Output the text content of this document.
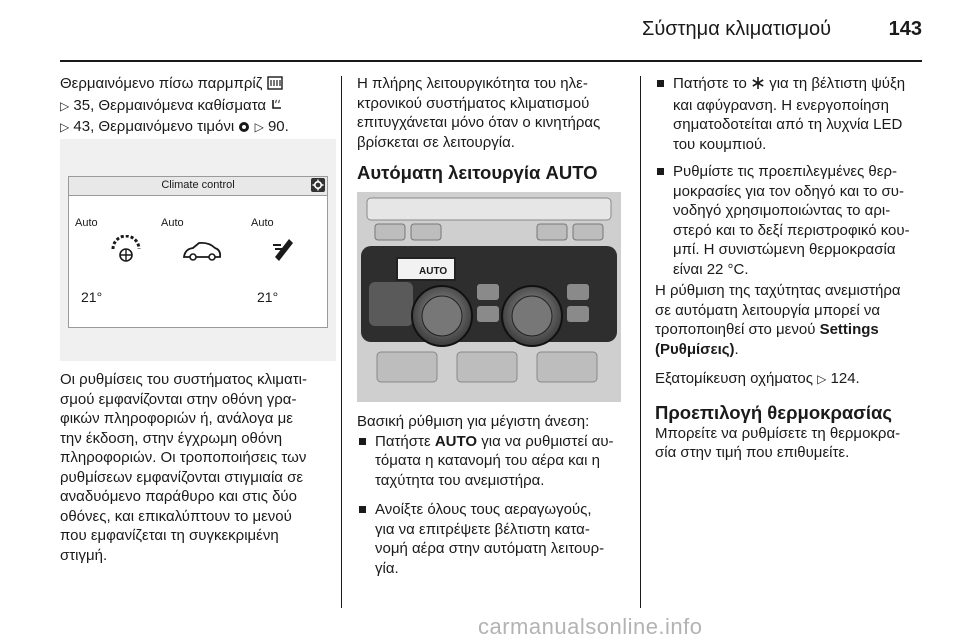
Σύστημα κλιματισμού	143

Θερμαινόμενο πίσω παρμπρίζ

▷ 35, Θερμαινόμενα καθίσματα

▷ 43, Θερμαινόμενο τιμόνι ▷ 90.

Climate control
Auto	Auto	Auto
21°	21°

Οι ρυθμίσεις του συστήματος κλιματι-

σμού εμφανίζονται στην οθόνη γρα-

φικών πληροφοριών ή, ανάλογα με

την έκδοση, στην έγχρωμη οθόνη

πληροφοριών. Οι τροποποιήσεις των

ρυθμίσεων εμφανίζονται στιγμιαία σε

αναδυόμενο παράθυρο και στις δύο

οθόνες, και επικαλύπτουν το μενού

που εμφανίζεται τη συγκεκριμένη

στιγμή.

Η πλήρης λειτουργικότητα του ηλε-

κτρονικού συστήματος κλιματισμού

επιτυγχάνεται μόνο όταν ο κινητήρας

βρίσκεται σε λειτουργία.

Αυτόματη λειτουργία AUTO
AUTO

Βασική ρύθμιση για μέγιστη άνεση:

Πατήστε AUTO για να ρυθμιστεί αυ-
τόματα η κατανομή του αέρα και η
ταχύτητα του ανεμιστήρα.
Ανοίξτε όλους τους αεραγωγούς,
για να επιτρέψετε βέλτιστη κατα-
νομή αέρα στην αυτόματη λειτουρ-
γία.
Πατήστε το για τη βέλτιστη ψύξη
και αφύγρανση. Η ενεργοποίηση
σηματοδοτείται από τη λυχνία LED
του κουμπιού.
Ρυθμίστε τις προεπιλεγμένες θερ-
μοκρασίες για τον οδηγό και το συ-
νοδηγό χρησιμοποιώντας το αρι-
στερό και το δεξί περιστροφικό κου-
μπί. Η συνιστώμενη θερμοκρασία
είναι 22 °C.

Η ρύθμιση της ταχύτητας ανεμιστήρα
σε αυτόματη λειτουργία μπορεί να
τροποποιηθεί στο μενού Settings
(Ρυθμίσεις).

Εξατομίκευση οχήματος ▷ 124.

Προεπιλογή θερμοκρασίας

Μπορείτε να ρυθμίσετε τη θερμοκρα-
σία στην τιμή που επιθυμείτε.

carmanualsonline.info
